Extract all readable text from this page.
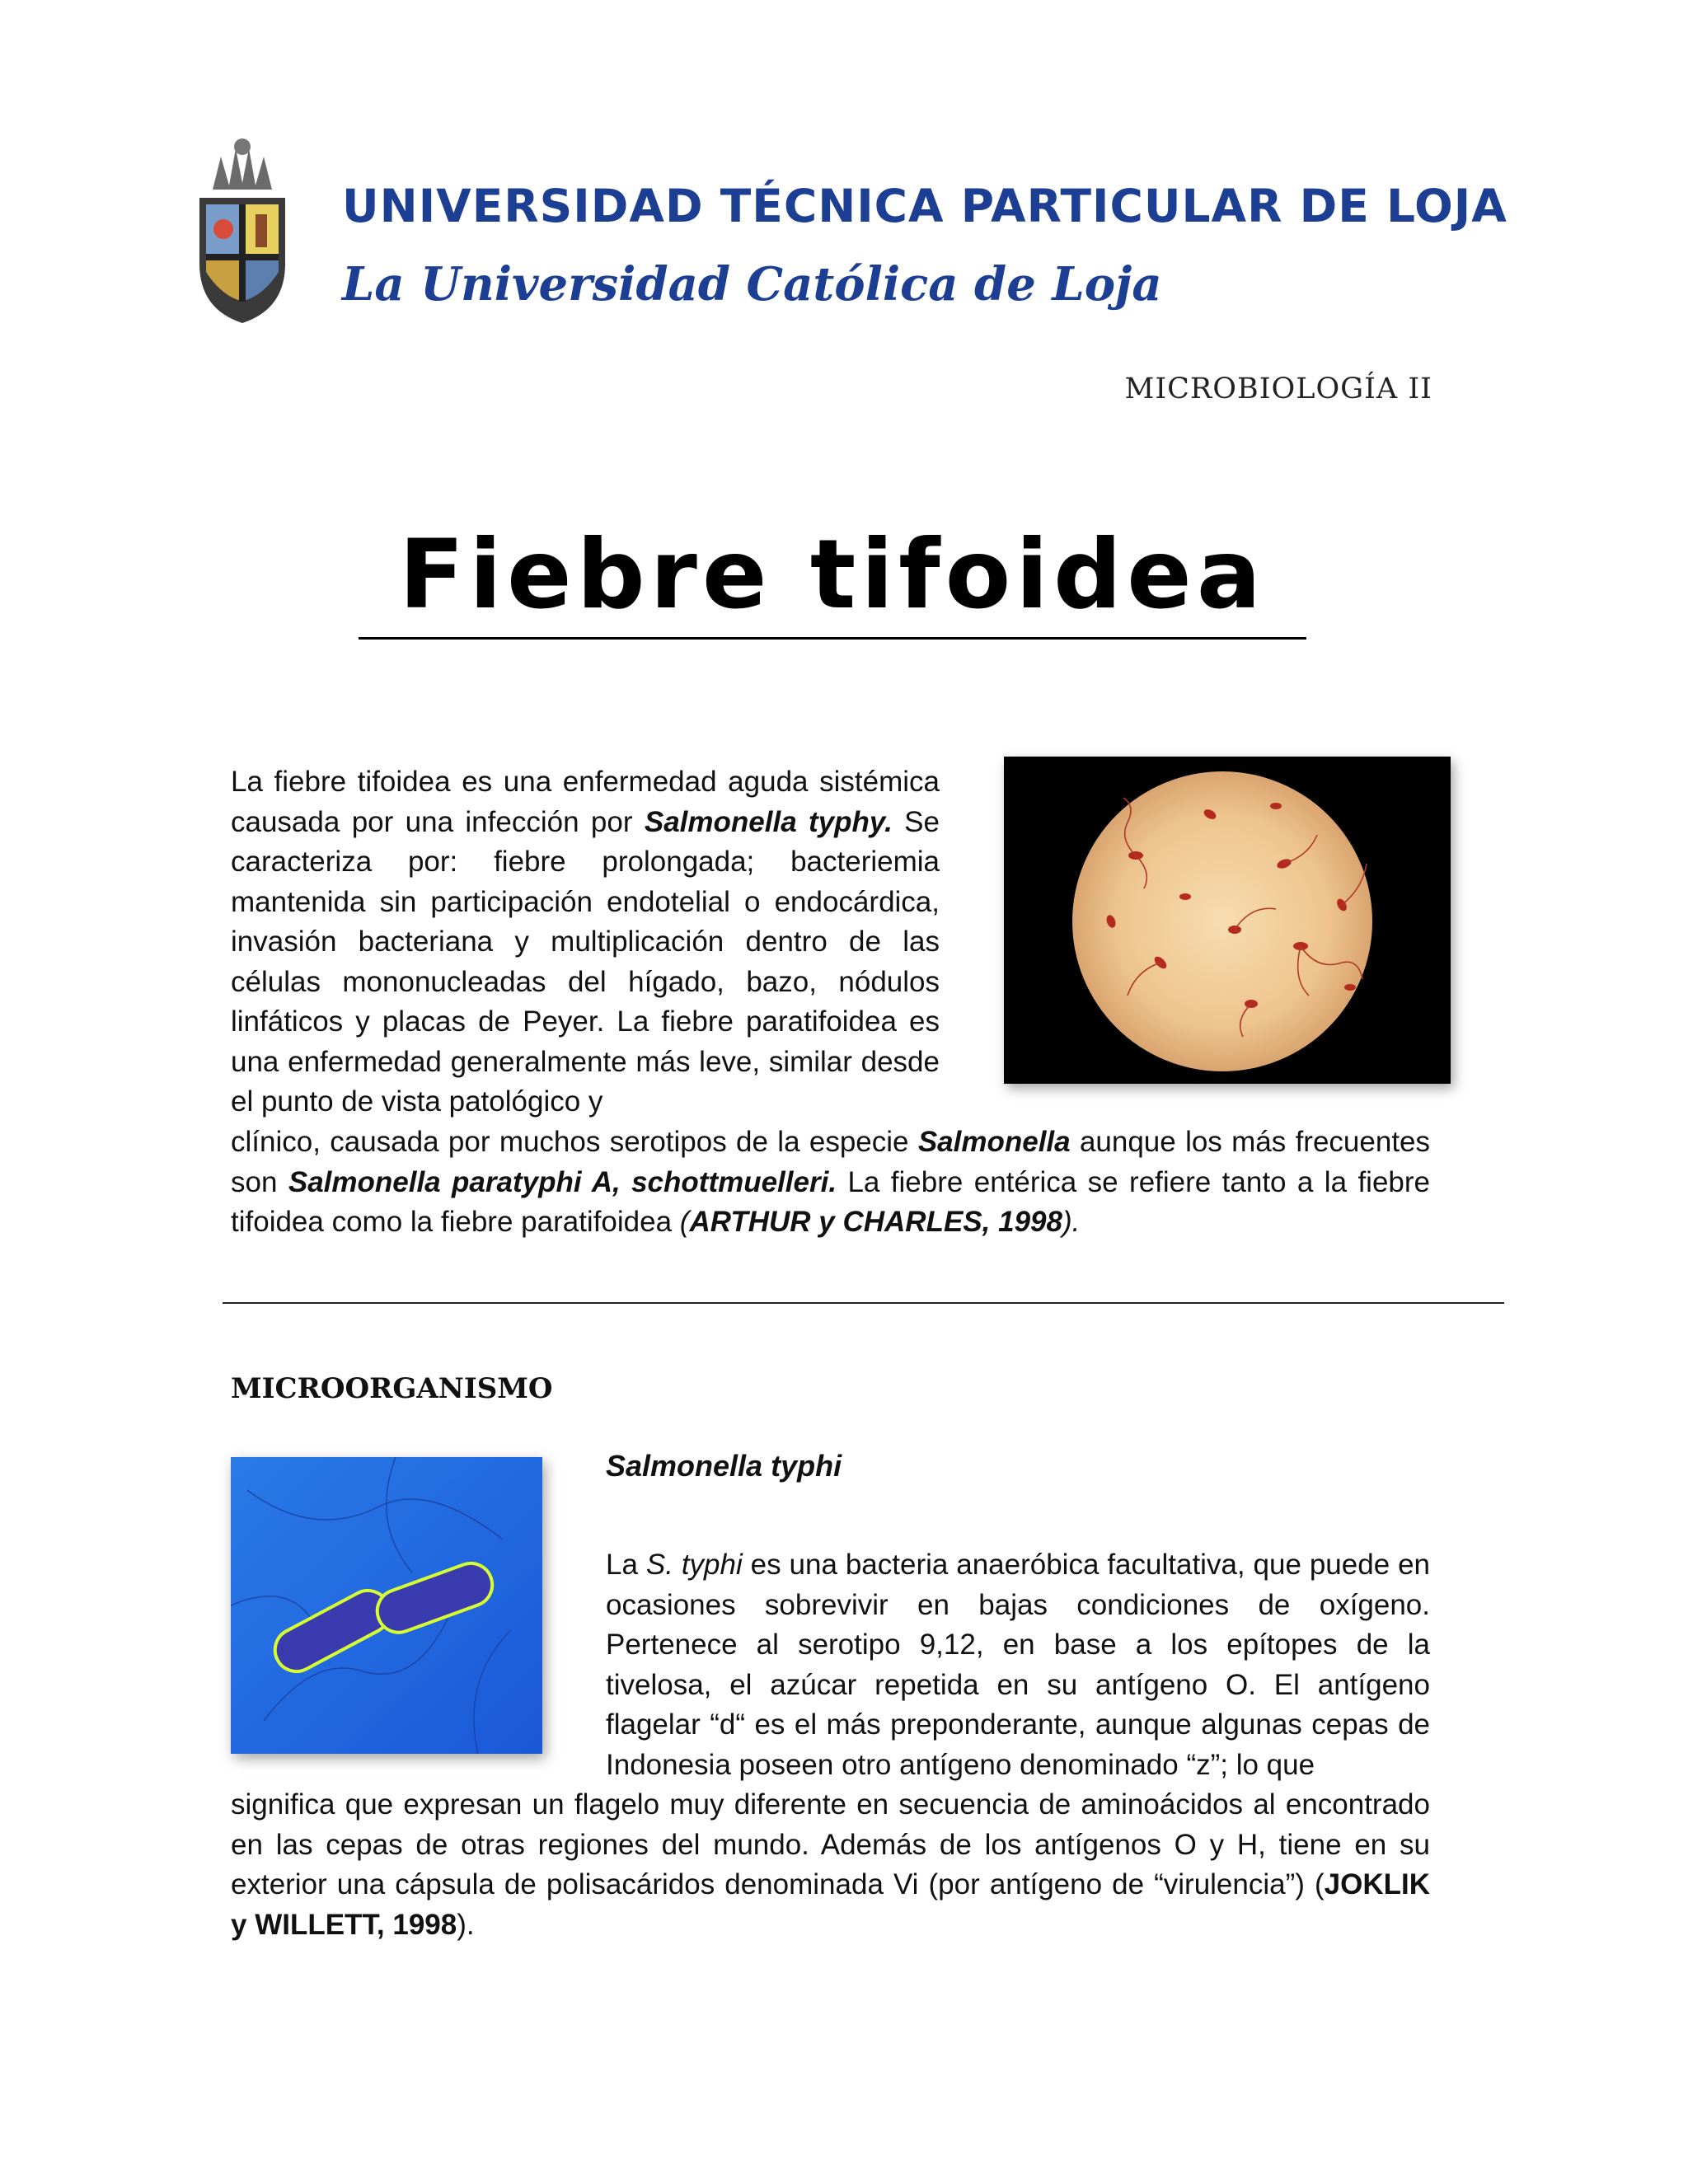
UNIVERSIDAD TÉCNICA PARTICULAR DE LOJA
La Universidad Católica de Loja
MICROBIOLOGÍA II
Fiebre tifoidea
La fiebre tifoidea es una enfermedad aguda sistémica causada por una infección por Salmonella typhy. Se caracteriza por: fiebre prolongada; bacteriemia mantenida sin participación endotelial o endocárdica, invasión bacteriana y multiplicación dentro de las células mononucleadas del hígado, bazo, nódulos linfáticos y placas de Peyer. La fiebre paratifoidea es una enfermedad generalmente más leve, similar desde el punto de vista patológico y
clínico, causada por muchos serotipos de la especie Salmonella aunque los más frecuentes son Salmonella paratyphi A, schottmuelleri. La fiebre entérica se refiere tanto a la fiebre tifoidea como la fiebre paratifoidea (ARTHUR y CHARLES, 1998).
MICROORGANISMO
Salmonella typhi
La S. typhi es una bacteria anaeróbica facultativa, que puede en ocasiones sobrevivir en bajas condiciones de oxígeno. Pertenece al serotipo 9,12, en base a los epítopes de la tivelosa, el azúcar repetida en su antígeno O. El antígeno flagelar “d“ es el más preponderante, aunque algunas cepas de Indonesia poseen otro antígeno denominado “z”; lo que
significa que expresan un flagelo muy diferente en secuencia de aminoácidos al encontrado en las cepas de otras regiones del mundo. Además de los antígenos O y H, tiene en su exterior una cápsula de polisacáridos denominada Vi (por antígeno de “virulencia”) (JOKLIK y WILLETT, 1998).
